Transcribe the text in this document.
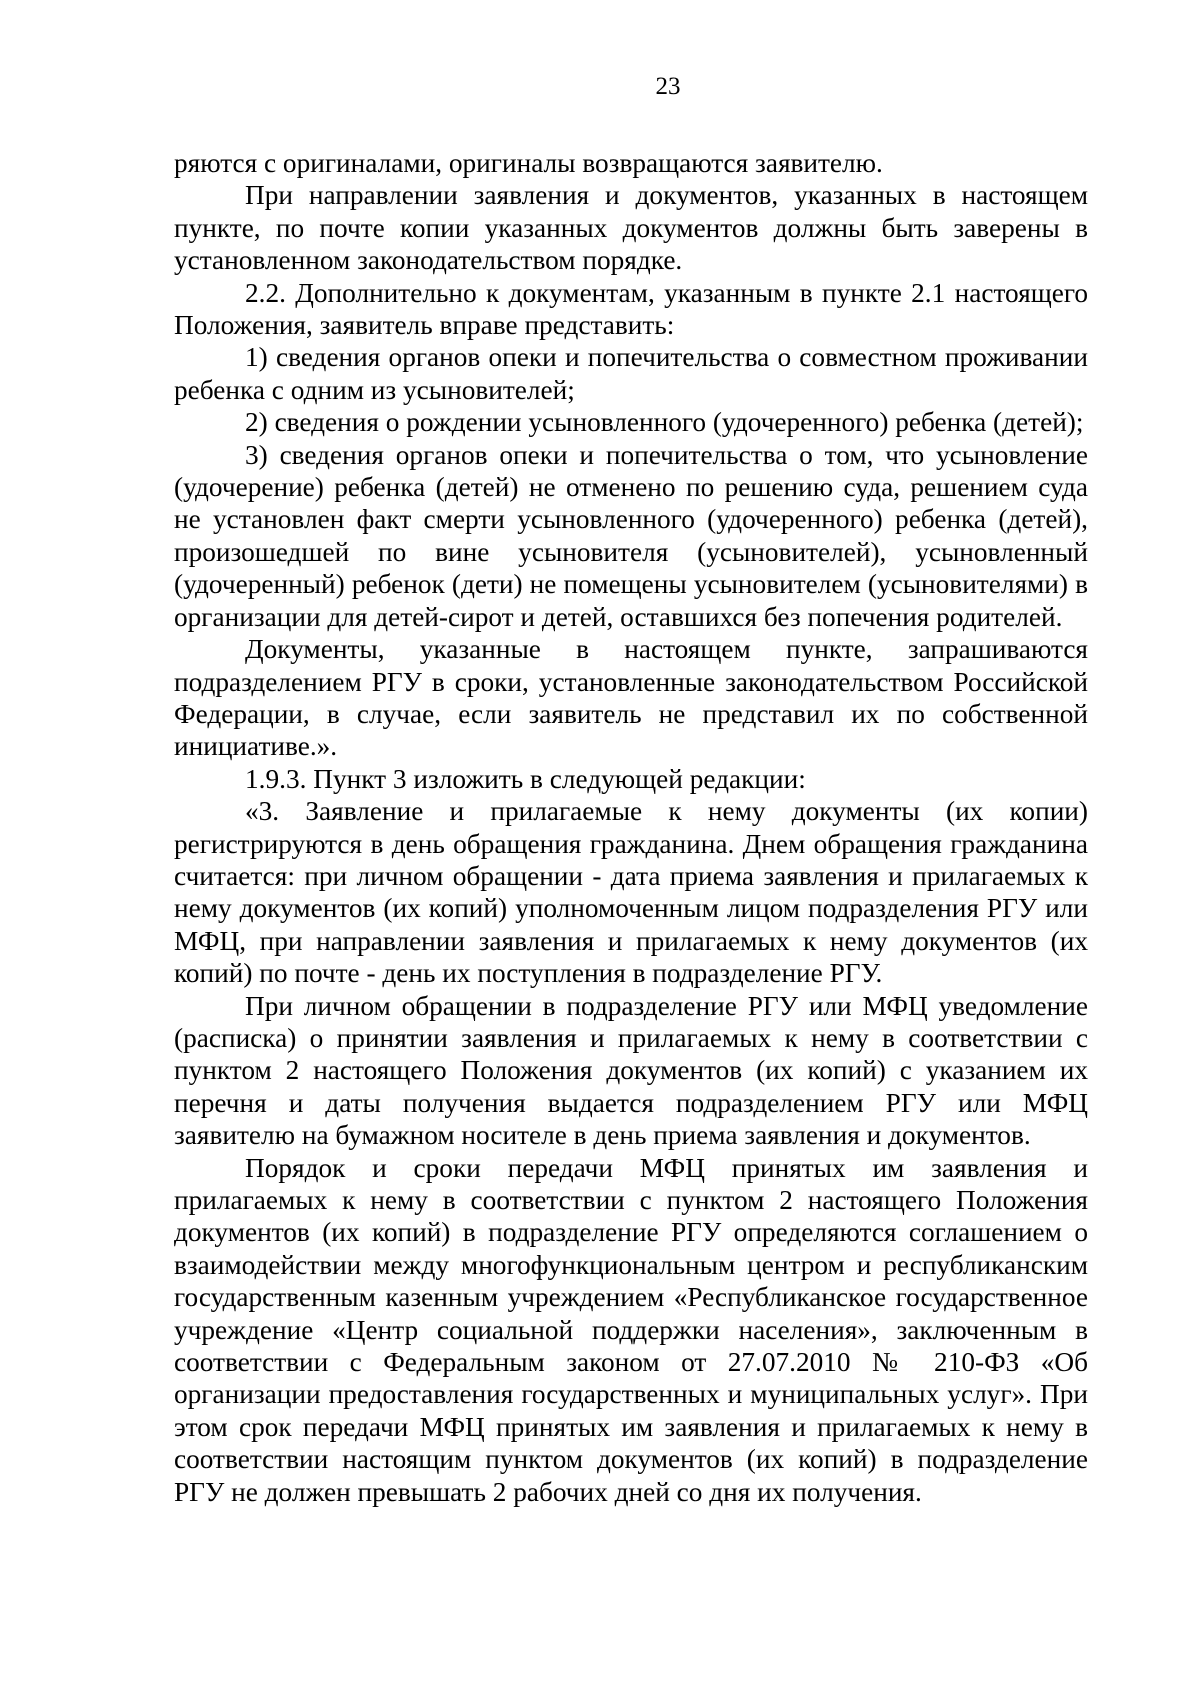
23

ряются с оригиналами, оригиналы возвращаются заявителю.

При направлении заявления и документов, указанных в настоящем пункте, по почте копии указанных документов должны быть заверены в установленном законодательством порядке.

2.2. Дополнительно к документам, указанным в пункте 2.1 настоящего Положения, заявитель вправе представить:

1) сведения органов опеки и попечительства о совместном проживании ребенка с одним из усыновителей;

2) сведения о рождении усыновленного (удочеренного) ребенка (детей);

3) сведения органов опеки и попечительства о том, что усыновление (удочерение) ребенка (детей) не отменено по решению суда, решением суда не установлен факт смерти усыновленного (удочеренного) ребенка (детей), произошедшей по вине усыновителя (усыновителей), усыновленный (удочеренный) ребенок (дети) не помещены усыновителем (усыновителями) в организации для детей-сирот и детей, оставшихся без попечения родителей.

Документы, указанные в настоящем пункте, запрашиваются подразделением РГУ в сроки, установленные законодательством Российской Федерации, в случае, если заявитель не представил их по собственной инициативе.».

1.9.3. Пункт 3 изложить в следующей редакции:

«3. Заявление и прилагаемые к нему документы (их копии) регистрируются в день обращения гражданина. Днем обращения гражданина считается: при личном обращении - дата приема заявления и прилагаемых к нему документов (их копий) уполномоченным лицом подразделения РГУ или МФЦ, при направлении заявления и прилагаемых к нему документов (их копий) по почте - день их поступления в подразделение РГУ.

При личном обращении в подразделение РГУ или МФЦ уведомление (расписка) о принятии заявления и прилагаемых к нему в соответствии с пунктом 2 настоящего Положения документов (их копий) с указанием их перечня и даты получения выдается подразделением РГУ или МФЦ заявителю на бумажном носителе в день приема заявления и документов.

Порядок и сроки передачи МФЦ принятых им заявления и прилагаемых к нему в соответствии с пунктом 2 настоящего Положения документов (их копий) в подразделение РГУ определяются соглашением о взаимодействии между многофункциональным центром и республиканским государственным казенным учреждением «Республиканское государственное учреждение «Центр социальной поддержки населения», заключенным в соответствии с Федеральным законом от 27.07.2010 № 210-ФЗ «Об организации предоставления государственных и муниципальных услуг». При этом срок передачи МФЦ принятых им заявления и прилагаемых к нему в соответствии настоящим пунктом документов (их копий) в подразделение РГУ не должен превышать 2 рабочих дней со дня их получения.
